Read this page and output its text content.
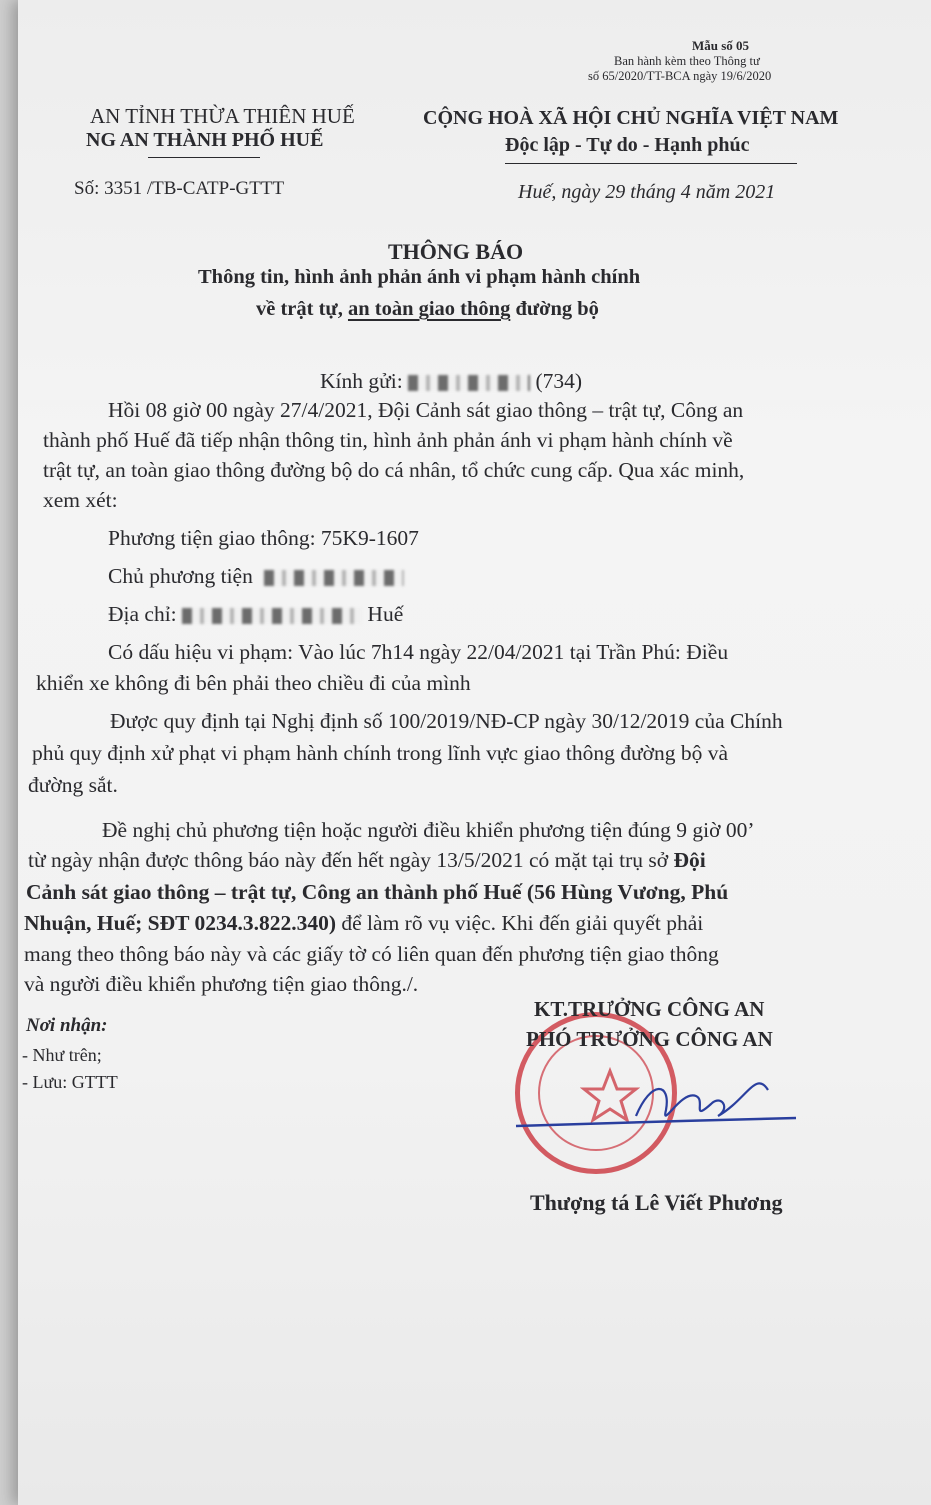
Mẫu số 05
Ban hành kèm theo Thông tư
số 65/2020/TT-BCA ngày 19/6/2020
AN TỈNH THỪA THIÊN HUẾ
NG AN THÀNH PHỐ HUẾ
Số: 3351 /TB-CATP-GTTT
CỘNG HOÀ XÃ HỘI CHỦ NGHĨA VIỆT NAM
Độc lập - Tự do - Hạnh phúc
Huế, ngày 29 tháng 4 năm 2021
THÔNG BÁO
Thông tin, hình ảnh phản ánh vi phạm hành chính
về trật tự, an toàn giao thông đường bộ
Kính gửi:	(734)
Hồi 08 giờ 00 ngày 27/4/2021, Đội Cảnh sát giao thông – trật tự, Công an
thành phố Huế đã tiếp nhận thông tin, hình ảnh phản ánh vi phạm hành chính về
trật tự, an toàn giao thông đường bộ do cá nhân, tổ chức cung cấp. Qua xác minh,
xem xét:
Phương tiện giao thông: 75K9-1607
Chủ phương tiện
Địa chỉ:	Huế
Có dấu hiệu vi phạm: Vào lúc 7h14 ngày 22/04/2021 tại Trần Phú: Điều
khiển xe không đi bên phải theo chiều đi của mình
Được quy định tại Nghị định số 100/2019/NĐ-CP ngày 30/12/2019 của Chính
phủ quy định xử phạt vi phạm hành chính trong lĩnh vực giao thông đường bộ và
đường sắt.
Đề nghị chủ phương tiện hoặc người điều khiển phương tiện đúng 9 giờ 00’
từ ngày nhận được thông báo này đến hết ngày 13/5/2021 có mặt tại trụ sở Đội
Cảnh sát giao thông – trật tự, Công an thành phố Huế (56 Hùng Vương, Phú
Nhuận, Huế; SĐT 0234.3.822.340) để làm rõ vụ việc. Khi đến giải quyết phải
mang theo thông báo này và các giấy tờ có liên quan đến phương tiện giao thông
và người điều khiển phương tiện giao thông./.
Nơi nhận:
- Như trên;
- Lưu: GTTT
KT.TRƯỞNG CÔNG AN
PHÓ TRƯỞNG CÔNG AN
Thượng tá Lê Viết Phương
